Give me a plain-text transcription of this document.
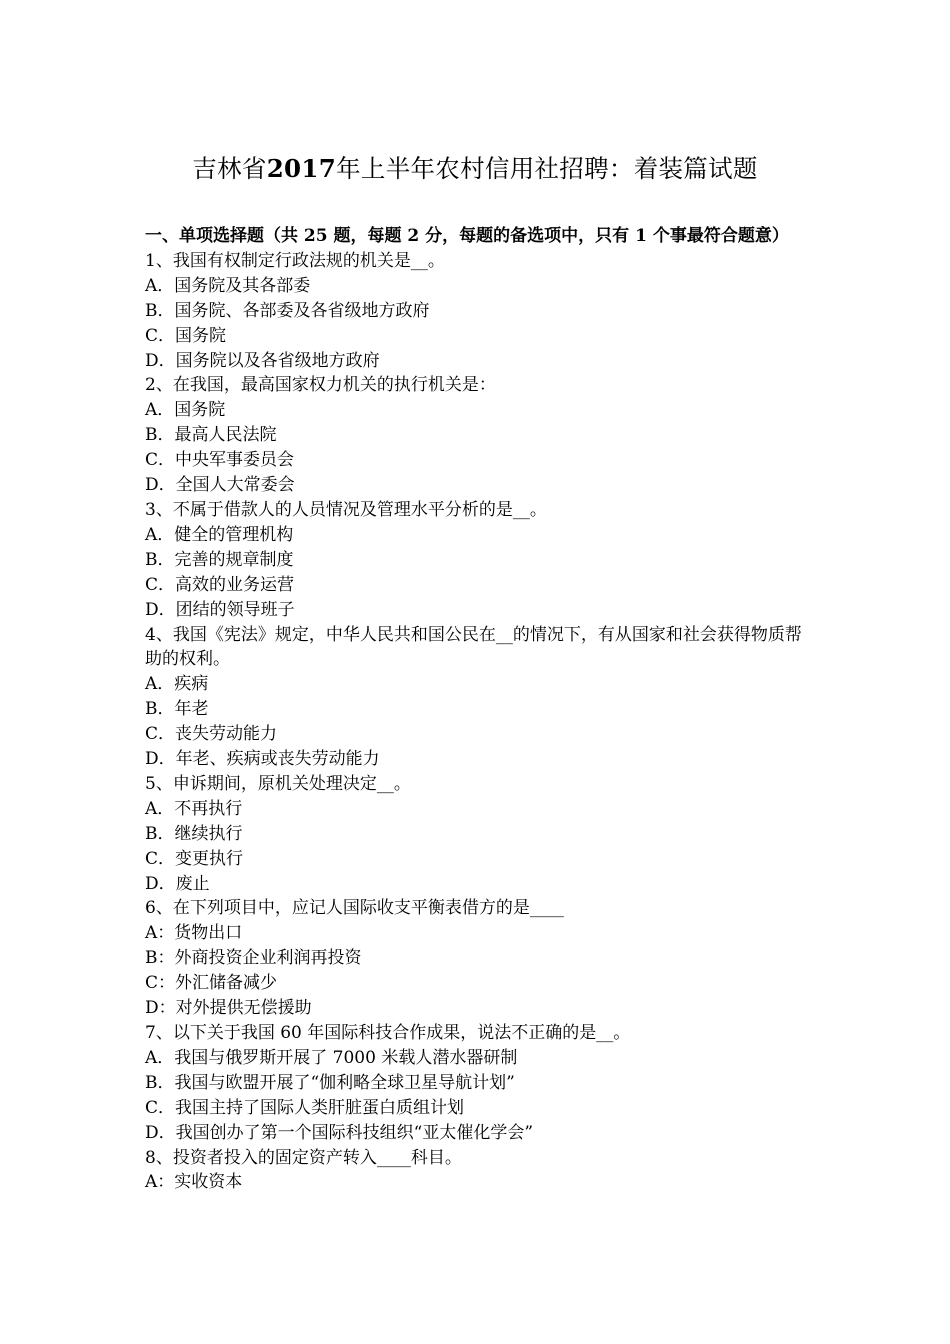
吉林省2017年上半年农村信用社招聘：着装篇试题

一、单项选择题（共 25 题，每题 2 分，每题的备选项中，只有 1 个事最符合题意）

1、我国有权制定行政法规的机关是__。

A．国务院及其各部委

B．国务院、各部委及各省级地方政府

C．国务院

D．国务院以及各省级地方政府

2、在我国，最高国家权力机关的执行机关是：

A．国务院

B．最高人民法院

C．中央军事委员会

D．全国人大常委会

3、不属于借款人的人员情况及管理水平分析的是__。

A．健全的管理机构

B．完善的规章制度

C．高效的业务运营

D．团结的领导班子

4、我国《宪法》规定，中华人民共和国公民在__的情况下，有从国家和社会获得物质帮助的权利。

A．疾病

B．年老

C．丧失劳动能力

D．年老、疾病或丧失劳动能力

5、申诉期间，原机关处理决定__。

A．不再执行

B．继续执行

C．变更执行

D．废止

6、在下列项目中，应记人国际收支平衡表借方的是____

A：货物出口

B：外商投资企业利润再投资

C：外汇储备减少

D：对外提供无偿援助

7、以下关于我国 60 年国际科技合作成果，说法不正确的是__。

A．我国与俄罗斯开展了 7000 米载人潜水器研制

B．我国与欧盟开展了“伽利略全球卫星导航计划”

C．我国主持了国际人类肝脏蛋白质组计划

D．我国创办了第一个国际科技组织“亚太催化学会”

8、投资者投入的固定资产转入____科目。

A：实收资本
